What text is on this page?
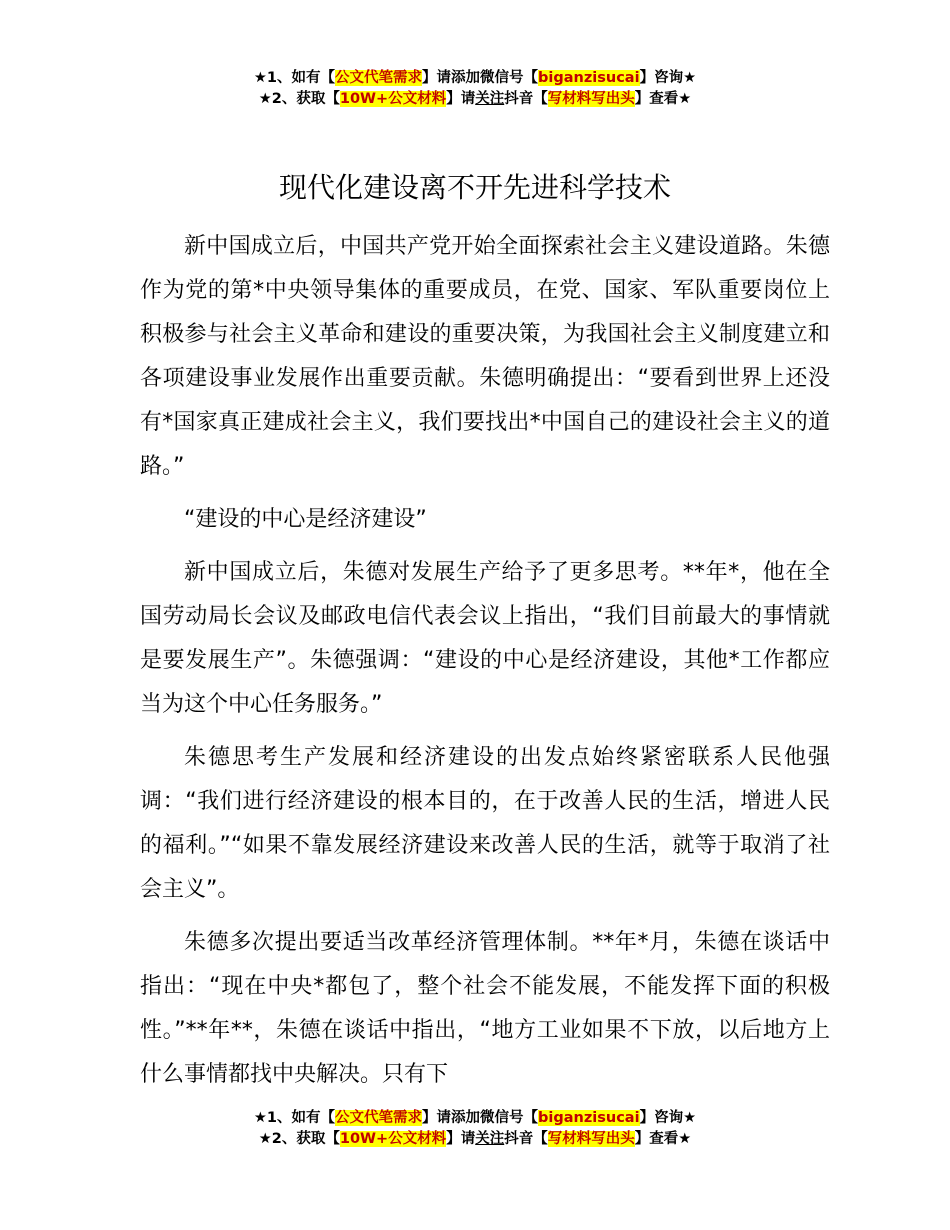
★1、如有【公文代笔需求】请添加微信号【biganzisucai】咨询★
★2、获取【10W+公文材料】请关注抖音【写材料写出头】查看★
现代化建设离不开先进科学技术

新中国成立后，中国共产党开始全面探索社会主义建设道路。朱德作为党的第*中央领导集体的重要成员，在党、国家、军队重要岗位上积极参与社会主义革命和建设的重要决策，为我国社会主义制度建立和各项建设事业发展作出重要贡献。朱德明确提出：“要看到世界上还没有*国家真正建成社会主义，我们要找出*中国自己的建设社会主义的道路。”

“建设的中心是经济建设”

新中国成立后，朱德对发展生产给予了更多思考。**年*，他在全国劳动局长会议及邮政电信代表会议上指出，“我们目前最大的事情就是要发展生产”。朱德强调：“建设的中心是经济建设，其他*工作都应当为这个中心任务服务。”

朱德思考生产发展和经济建设的出发点始终紧密联系人民他强调：“我们进行经济建设的根本目的，在于改善人民的生活，增进人民的福利。”“如果不靠发展经济建设来改善人民的生活，就等于取消了社会主义”。

朱德多次提出要适当改革经济管理体制。**年*月，朱德在谈话中指出：“现在中央*都包了，整个社会不能发展，不能发挥下面的积极性。”**年**，朱德在谈话中指出，“地方工业如果不下放，以后地方上什么事情都找中央解决。只有下

★1、如有【公文代笔需求】请添加微信号【biganzisucai】咨询★
★2、获取【10W+公文材料】请关注抖音【写材料写出头】查看★
